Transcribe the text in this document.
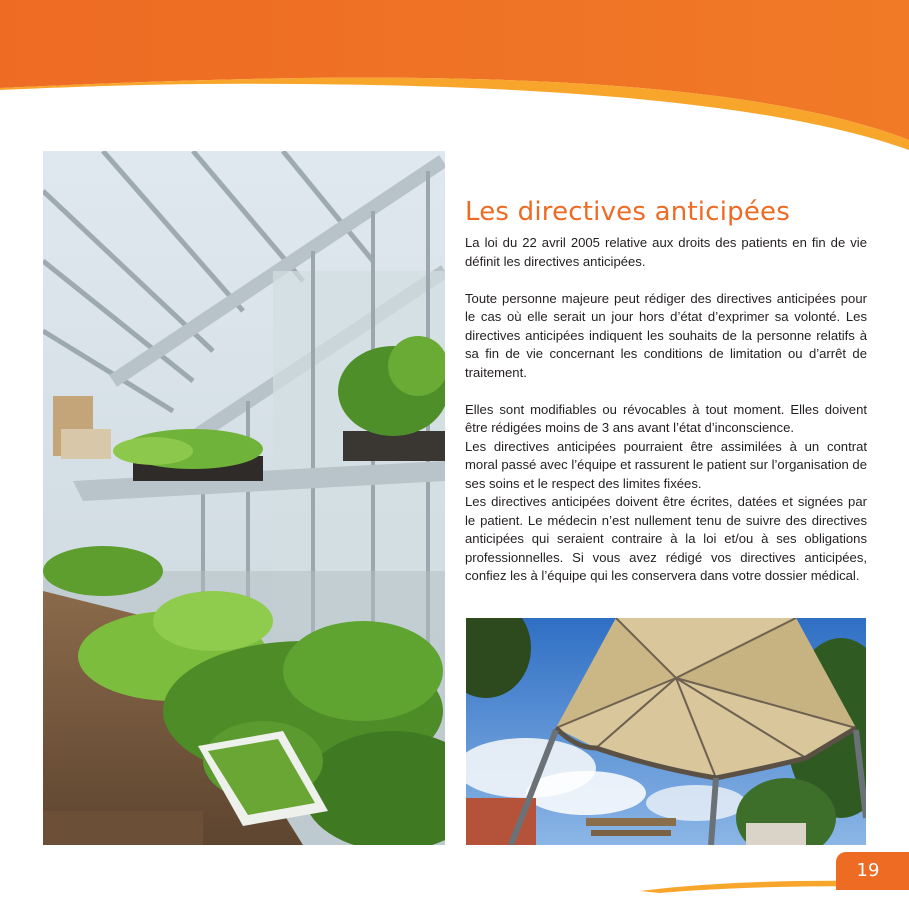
Les directives anticipées

La loi du 22 avril 2005 relative aux droits des patients en fin de vie définit les directives anticipées.

Toute personne majeure peut rédiger des directives anticipées pour le cas où elle serait un jour hors d’état d’exprimer sa volonté. Les directives anticipées indiquent les souhaits de la personne relatifs à sa fin de vie concernant les conditions de limitation ou d’arrêt de traitement.

Elles sont modifiables ou révocables à tout moment. Elles doivent être rédigées moins de 3 ans avant l’état d’inconscience.

Les directives anticipées pourraient être assimilées à un contrat moral passé avec l’équipe et rassurent le patient sur l’organisation de ses soins et le respect des limites fixées.

Les directives anticipées doivent être écrites, datées et signées par le patient. Le médecin n’est nullement tenu de suivre des directives anticipées qui seraient contraire à la loi et/ou à ses obligations professionnelles. Si vous avez rédigé vos directives anticipées, confiez les à l’équipe qui les conservera dans votre dossier médical.

19
